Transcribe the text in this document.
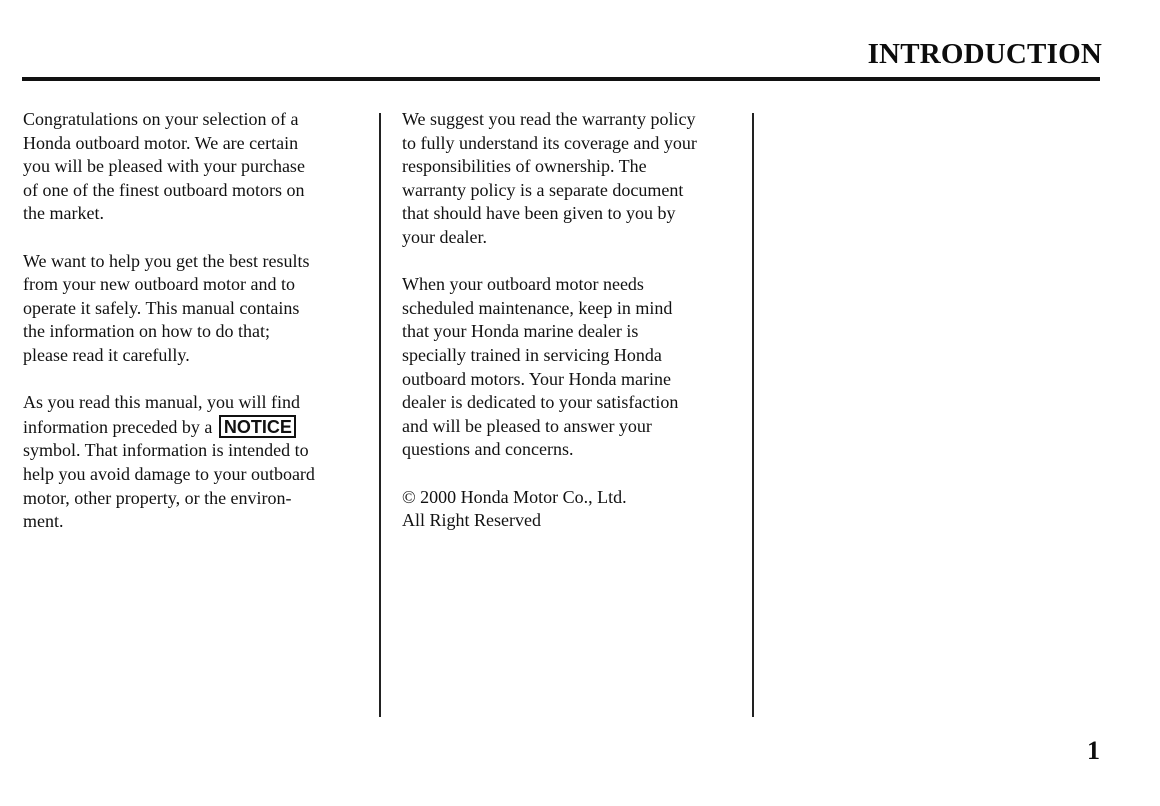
INTRODUCTION

Congratulations on your selection of a
Honda outboard motor. We are certain
you will be pleased with your purchase
of one of the finest outboard motors on
the market.

We want to help you get the best results
from your new outboard motor and to
operate it safely. This manual contains
the information on how to do that;
please read it carefully.

As you read this manual, you will find
information preceded by a NOTICE
symbol. That information is intended to
help you avoid damage to your outboard
motor, other property, or the environ-
ment.

We suggest you read the warranty policy
to fully understand its coverage and your
responsibilities of ownership. The
warranty policy is a separate document
that should have been given to you by
your dealer.

When your outboard motor needs
scheduled maintenance, keep in mind
that your Honda marine dealer is
specially trained in servicing Honda
outboard motors. Your Honda marine
dealer is dedicated to your satisfaction
and will be pleased to answer your
questions and concerns.

© 2000 Honda Motor Co., Ltd.
All Right Reserved

1
